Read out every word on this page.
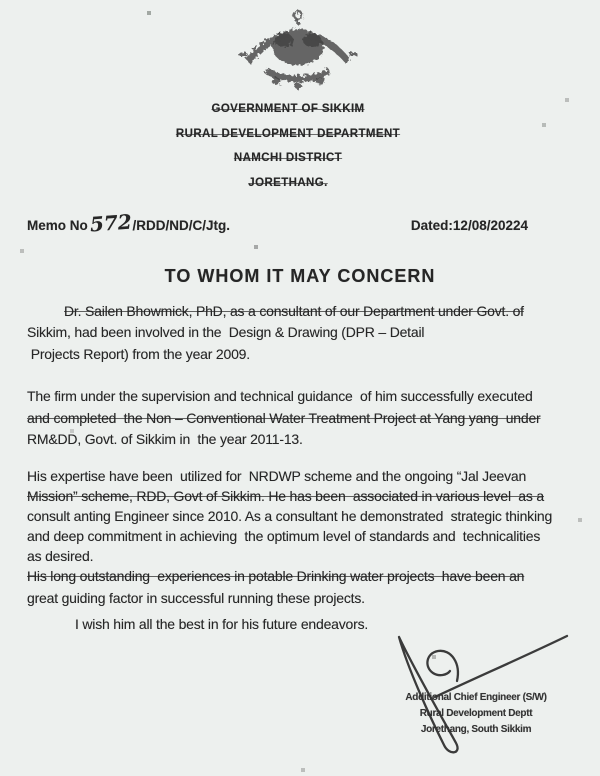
GOVERNMENT OF SIKKIM
RURAL DEVELOPMENT DEPARTMENT
NAMCHI DISTRICT
JORETHANG.
Memo No 572 /RDD/ND/C/Jtg.	Dated:12/08/20224
TO WHOM IT MAY CONCERN

Dr. Sailen Bhowmick, PhD, as a consultant of our Department under Govt. of
Sikkim, had been involved in the  Design & Drawing (DPR – Detail
Projects Report) from the year 2009.

The firm under the supervision and technical guidance  of him successfully executed
and completed  the Non – Conventional Water Treatment Project at Yang yang  under
RM&DD, Govt. of Sikkim in  the year 2011-13.

His expertise have been  utilized for  NRDWP scheme and the ongoing “Jal Jeevan
Mission” scheme, RDD, Govt of Sikkim. He has been  associated in various level  as a
consult anting Engineer since 2010. As a consultant he demonstrated  strategic thinking
and deep commitment in achieving  the optimum level of standards and  technicalities
as desired.

His long outstanding  experiences in potable Drinking water projects  have been an
great guiding factor in successful running these projects.

I wish him all the best in for his future endeavors.

Additional Chief Engineer (S/W)
Rural Development Deptt
Jorethang, South Sikkim
